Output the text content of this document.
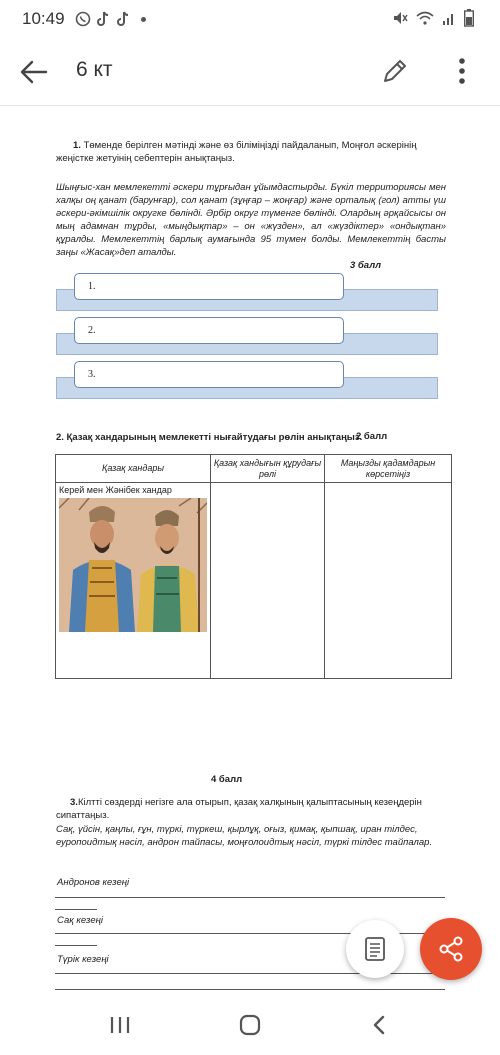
10:49
6 кт
1. Төменде берілген мәтінді және өз біліміңізді пайдаланып, Моңғол әскерінің жеңістке жетуінің себептерін анықтаңыз.
Шыңғыс-хан мемлекетті әскери тұрғыдан ұйымдастырды. Бүкіл территориясы мен халқы оң қанат (барунғар), сол қанат (зұңғар – жоңғар) және орталық (гол) атты үш әскери-әкімшілік округке бөлінді. Әрбір округ түменге бөлінді. Олардың әрқайсысы он мың адамнан тұрды, «мыңдықтар» – он «жүзден», ал «жүздіктер» «ондықтан» құралды. Мемлекеттің барлық аумағында 95 түмен болды. Мемлекеттің басты заңы «Жасақ»деп аталды.
3 балл
1.
2.
3.
2. Қазақ хандарының мемлекетті нығайтудағы рөлін анықтаңыз.
2 балл
Қазақ хандары	Қазақ хандығын құрудағы рөлі	Маңызды қадамдарын көрсетіңіз

Керей мен Жәнібек хандар		

4 балл
3.Кілтті сөздерді негізге ала отырып, қазақ халқының қалыптасының кезеңдерін сипаттаңыз.
Сақ, үйсін, қаңлы, ғұн, түркі, түркеш, қырлұқ, оғыз, қимақ, қыпшақ, иран тілдес, еуропоидтық нәсіл, андрон тайпасы, моңғолоидтық нәсіл, түркі тілдес тайпалар.
Андронов кезеңі
Сақ кезеңі
Түрік кезеңі
